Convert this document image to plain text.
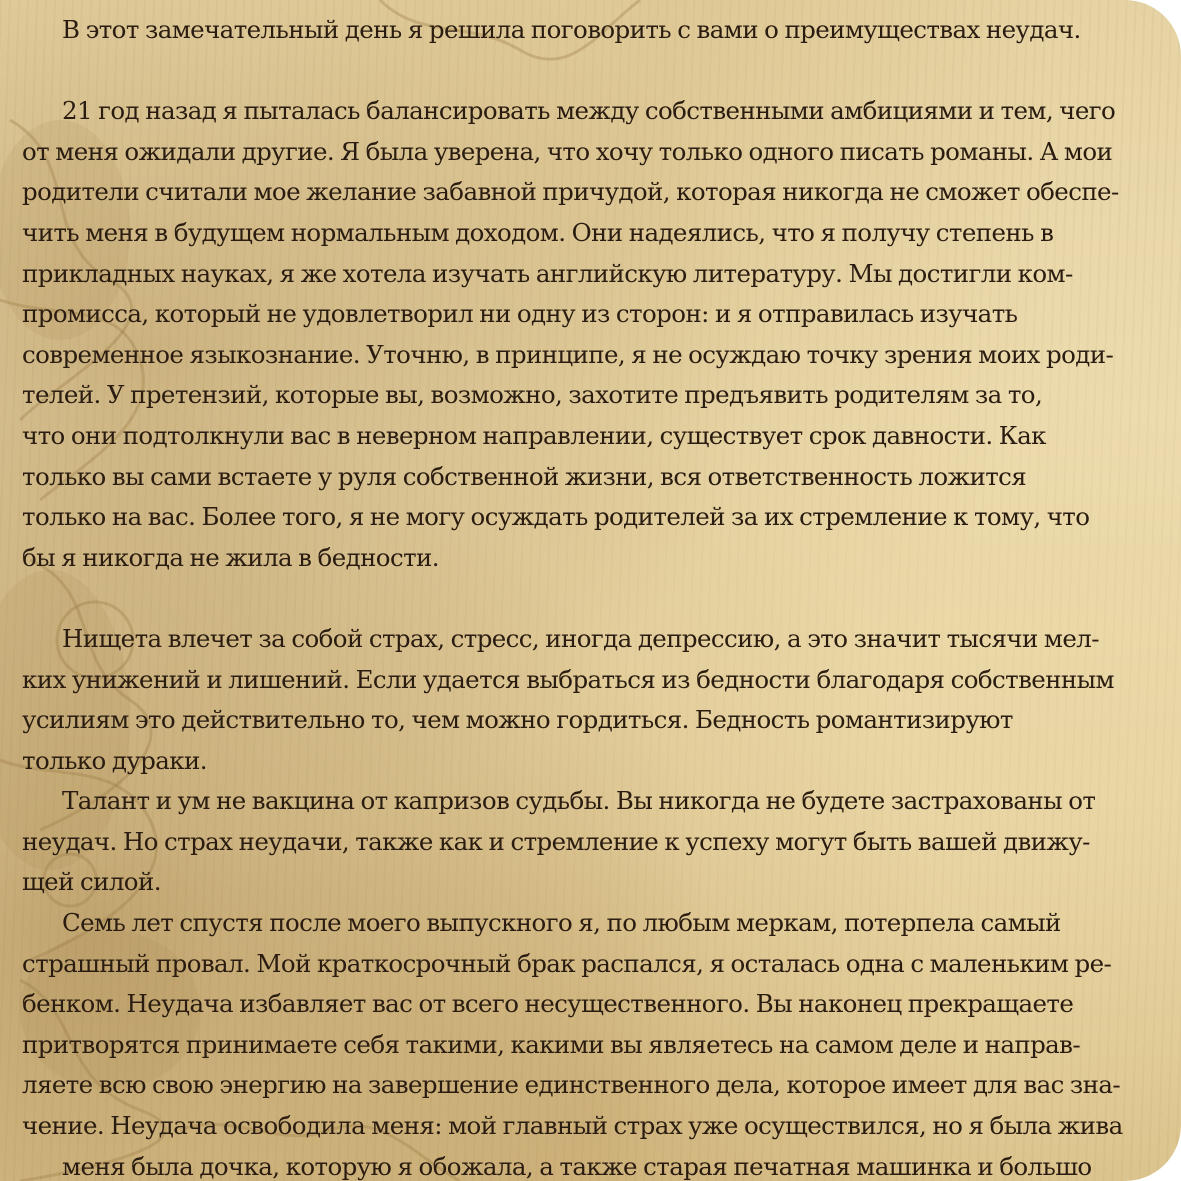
В этот замечательный день я решила поговорить с вами о преимуществах неудач.
21 год назад я пыталась балансировать между собственными амбициями и тем, чего
от меня ожидали другие. Я была уверена, что хочу только одного писать романы. А мои
родители считали мое желание забавной причудой, которая никогда не сможет обеспе-
чить меня в будущем нормальным доходом. Они надеялись, что я получу степень в
прикладных науках, я же хотела изучать английскую литературу. Мы достигли ком-
промисса, который не удовлетворил ни одну из сторон: и я отправилась изучать
современное языкознание. Уточню, в принципе, я не осуждаю точку зрения моих роди-
телей. У претензий, которые вы, возможно, захотите предъявить родителям за то,
что они подтолкнули вас в неверном направлении, существует срок давности. Как
только вы сами встаете у руля собственной жизни, вся ответственность ложится
только на вас. Более того, я не могу осуждать родителей за их стремление к тому, что
бы я никогда не жила в бедности.
Нищета влечет за собой страх, стресс, иногда депрессию, а это значит тысячи мел-
ких унижений и лишений. Если удается выбраться из бедности благодаря собственным
усилиям это действительно то, чем можно гордиться. Бедность романтизируют
только дураки.
Талант и ум не вакцина от капризов судьбы. Вы никогда не будете застрахованы от
неудач. Но страх неудачи, также как и стремление к успеху могут быть вашей движу-
щей силой.
Семь лет спустя после моего выпускного я, по любым меркам, потерпела самый
страшный провал. Мой краткосрочный брак распался, я осталась одна с маленьким ре-
бенком. Неудача избавляет вас от всего несущественного. Вы наконец прекращаете
притворятся принимаете себя такими, какими вы являетесь на самом деле и направ-
ляете всю свою энергию на завершение единственного дела, которое имеет для вас зна-
чение. Неудача освободила меня: мой главный страх уже осуществился, но я была жива
меня была дочка, которую я обожала, а также старая печатная машинка и большо
